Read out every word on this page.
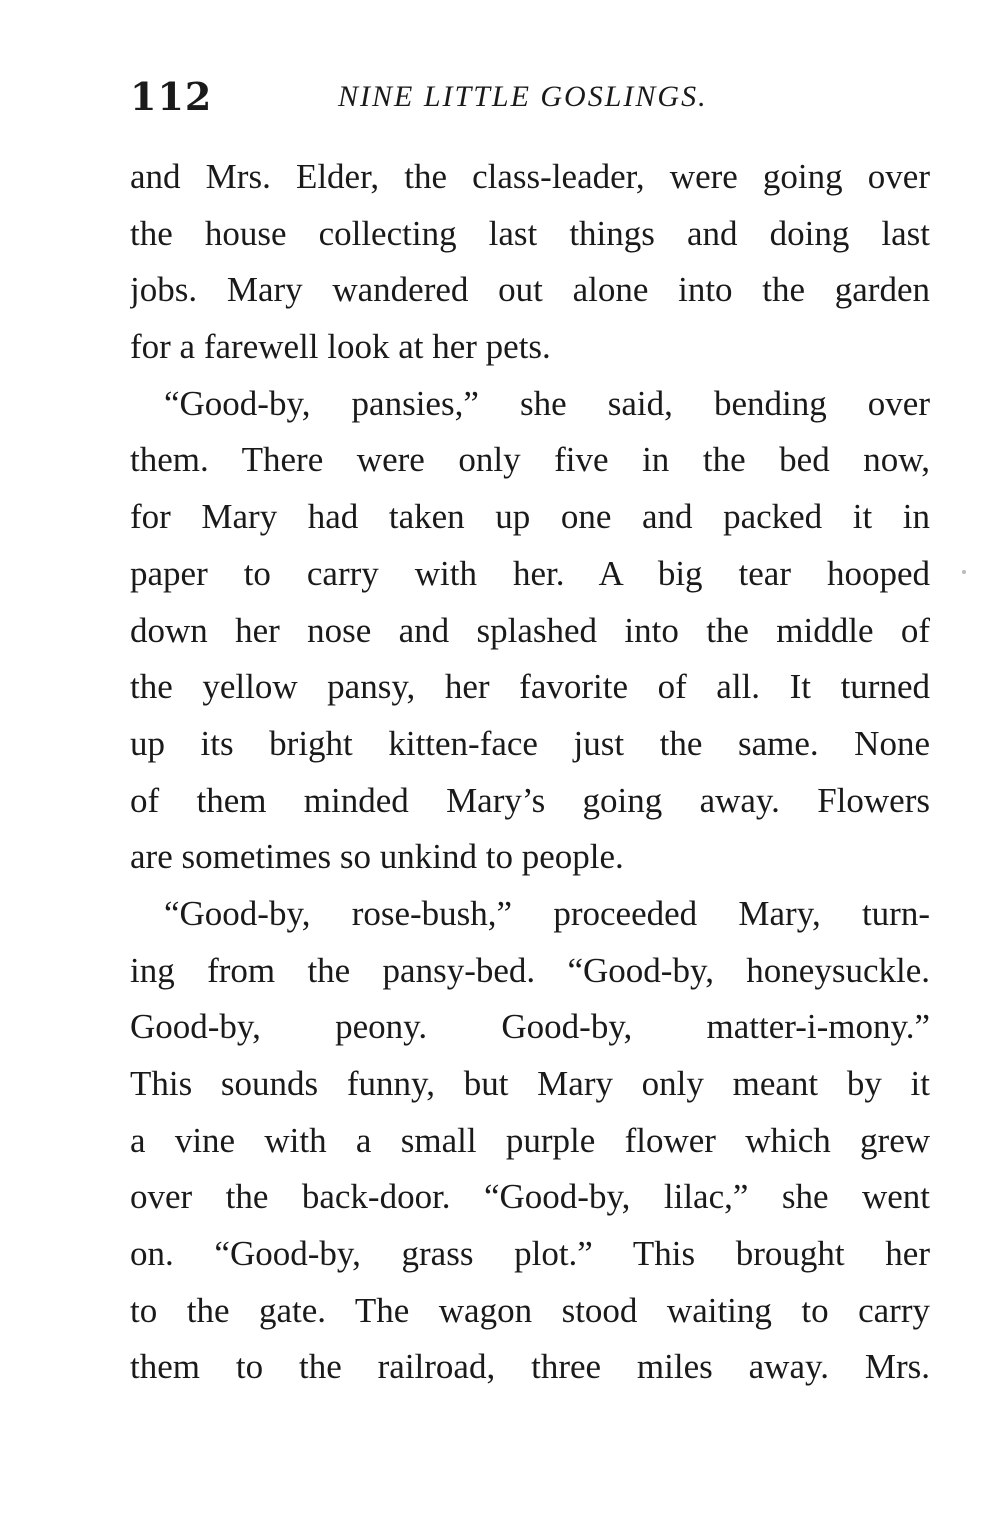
112	NINE LITTLE GOSLINGS.
and Mrs. Elder, the class-leader, were going over
the house collecting last things and doing last
jobs. Mary wandered out alone into the garden
for a farewell look at her pets.
“Good-by, pansies,” she said, bending over
them. There were only five in the bed now,
for Mary had taken up one and packed it in
paper to carry with her. A big tear hooped
down her nose and splashed into the middle of
the yellow pansy, her favorite of all. It turned
up its bright kitten-face just the same. None
of them minded Mary’s going away. Flowers
are sometimes so unkind to people.
“Good-by, rose-bush,” proceeded Mary, turn-
ing from the pansy-bed. “Good-by, honeysuckle.
Good-by, peony. Good-by, matter-i-mony.”
This sounds funny, but Mary only meant by it
a vine with a small purple flower which grew
over the back-door. “Good-by, lilac,” she went
on. “Good-by, grass plot.” This brought her
to the gate. The wagon stood waiting to carry
them to the railroad, three miles away. Mrs.
